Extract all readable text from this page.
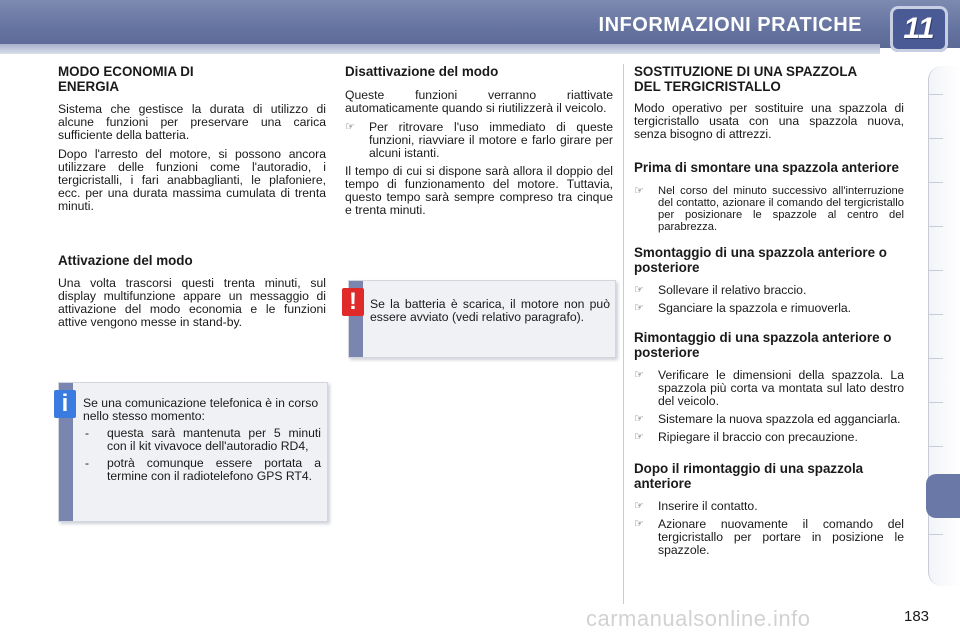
INFORMAZIONI PRATICHE	11
MODO ECONOMIA DI
ENERGIA

Sistema che gestisce la durata di utilizzo di alcune funzioni per preservare una carica sufficiente della batteria.

Dopo l'arresto del motore, si possono ancora utilizzare delle funzioni come l'autoradio, i tergicristalli, i fari anabbaglianti, le plafoniere, ecc. per una durata massima cumulata di trenta minuti.

Attivazione del modo

Una volta trascorsi questi trenta minuti, sul display multifunzione appare un messaggio di attivazione del modo economia e le funzioni attive vengono messe in stand-by.

Se una comunicazione telefonica è in corso nello stesso momento:
- questa sarà mantenuta per 5 minuti con il kit vivavoce dell'autoradio RD4,
- potrà comunque essere portata a termine con il radiotelefono GPS RT4.
i
Disattivazione del modo

Queste funzioni verranno riattivate automaticamente quando si riutilizzerà il veicolo.

☞ Per ritrovare l'uso immediato di queste funzioni, riavviare il motore e farlo girare per alcuni istanti.

Il tempo di cui si dispone sarà allora il doppio del tempo di funzionamento del motore. Tuttavia, questo tempo sarà sempre compreso tra cinque e trenta minuti.

Se la batteria è scarica, il motore non può essere avviato (vedi relativo paragrafo).
!
SOSTITUZIONE DI UNA SPAZZOLA
DEL TERGICRISTALLO

Modo operativo per sostituire una spazzola di tergicristallo usata con una spazzola nuova, senza bisogno di attrezzi.

Prima di smontare una spazzola anteriore
☞ Nel corso del minuto successivo all'interruzione del contatto, azionare il comando del tergicristallo per posizionare le spazzole al centro del parabrezza.
Smontaggio di una spazzola anteriore o posteriore
☞ Sollevare il relativo braccio.
☞ Sganciare la spazzola e rimuoverla.
Rimontaggio di una spazzola anteriore o posteriore
☞ Verificare le dimensioni della spazzola. La spazzola più corta va montata sul lato destro del veicolo.
☞ Sistemare la nuova spazzola ed agganciarla.
☞ Ripiegare il braccio con precauzione.
Dopo il rimontaggio di una spazzola anteriore
☞ Inserire il contatto.
☞ Azionare nuovamente il comando del tergicristallo per portare in posizione le spazzole.
carmanualsonline.info	183
